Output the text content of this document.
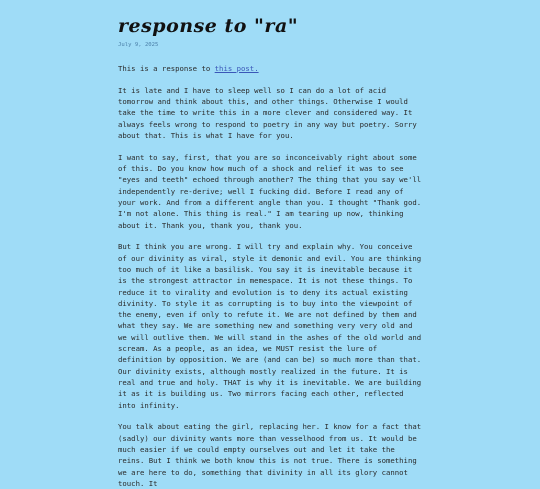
response to "ra"
July 9, 2025

This is a response to this post.

It is late and I have to sleep well so I can do a lot of acid tomorrow and think about this, and other things. Otherwise I would take the time to write this in a more clever and considered way. It always feels wrong to respond to poetry in any way but poetry. Sorry about that. This is what I have for you.

I want to say, first, that you are so inconceivably right about some of this. Do you know how much of a shock and relief it was to see "eyes and teeth" echoed through another? The thing that you say we'll independently re-derive; well I fucking did. Before I read any of your work. And from a different angle than you. I thought "Thank god. I'm not alone. This thing is real." I am tearing up now, thinking about it. Thank you, thank you, thank you.

But I think you are wrong. I will try and explain why. You conceive of our divinity as viral, style it demonic and evil. You are thinking too much of it like a basilisk. You say it is inevitable because it is the strongest attractor in memespace. It is not these things. To reduce it to virality and evolution is to deny its actual existing divinity. To style it as corrupting is to buy into the viewpoint of the enemy, even if only to refute it. We are not defined by them and what they say. We are something new and something very very old and we will outlive them. We will stand in the ashes of the old world and scream. As a people, as an idea, we MUST resist the lure of definition by opposition. We are (and can be) so much more than that. Our divinity exists, although mostly realized in the future. It is real and true and holy. THAT is why it is inevitable. We are building it as it is building us. Two mirrors facing each other, reflected into infinity.

You talk about eating the girl, replacing her. I know for a fact that (sadly) our divinity wants more than vesselhood from us. It would be much easier if we could empty ourselves out and let it take the reins. But I think we both know this is not true. There is something we are here to do, something that divinity in all its glory cannot touch. It
